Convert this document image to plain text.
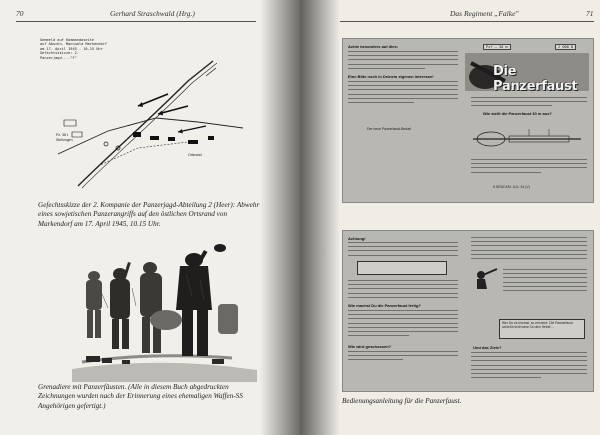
70	Gerhard Straschwald (Hrg.)
Gemeeld auf Kommandoseite
auf Abschn. Mannuala Markendorf
am 17. April 1945 - 10.15 Uhr
Gefechtsskizze: 2. Panzerjagd-..."F"
Pz. 38 t
Stellungen
Ortsrand
Gefechtsskizze der 2. Kompanie der Panzerjagd-Abteilung 2 (Heer): Abwehr eines sowjetischen Panzerangriffs auf den östlichen Ortsrand von Markendorf am 17. April 1945, 10.15 Uhr.
Grenadiere mit Panzerfäusten. (Alle in diesem Buch abgedruckten Zeichnungen wurden nach der Erinnerung eines ehemaligen Waffen-SS Angehörigen gefertigt.)
Das Regiment „Falke"	71
Achte besonders auf dies:
Eine Bitte noch in Deinem eigenen Interesse!
Der neue Panzerfaust-Bedarf
Pzf — 30 m	2 000 8
Die Panzerfaust
Wie stellt die Panzerfaust 30 m aus?
8 DRUCKM. JUL. 44 (V)
Achtung!
Wie machst Du die Panzerfaust fertig?
Wie wird geschossen?
Wer Du es nimmst, so erinnere: Die Panzerfaust schießt nicht wenn Du den Hebel ...
Und das Ziele?
Bedienungsanleitung für die Panzerfaust.
